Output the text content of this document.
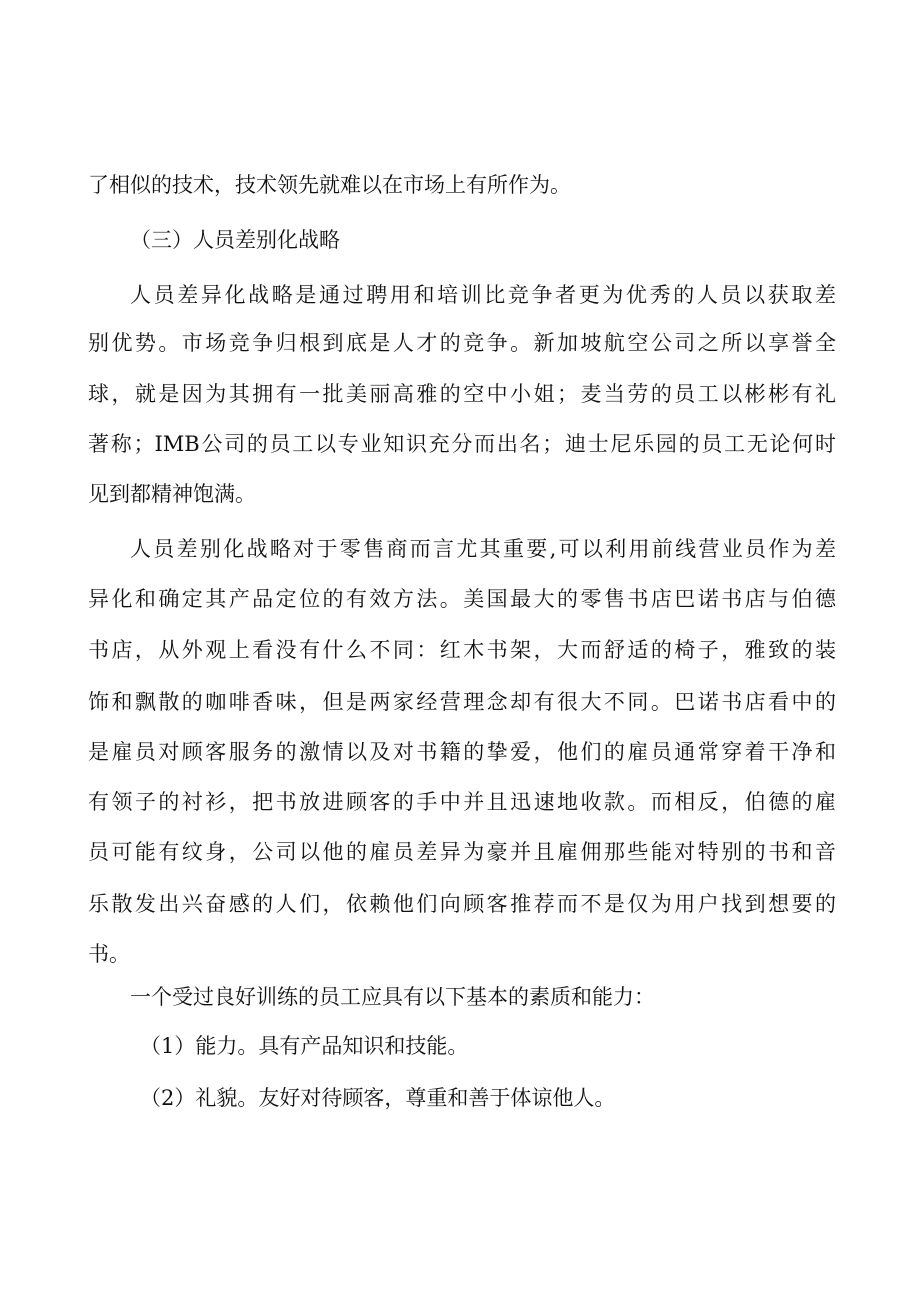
了相似的技术，技术领先就难以在市场上有所作为。

（三）人员差别化战略

人员差异化战略是通过聘用和培训比竞争者更为优秀的人员以获取差

别优势。市场竞争归根到底是人才的竞争。新加坡航空公司之所以享誉全

球，就是因为其拥有一批美丽高雅的空中小姐；麦当劳的员工以彬彬有礼

著称；IMB公司的员工以专业知识充分而出名；迪士尼乐园的员工无论何时

见到都精神饱满。

人员差别化战略对于零售商而言尤其重要,可以利用前线营业员作为差

异化和确定其产品定位的有效方法。美国最大的零售书店巴诺书店与伯德

书店，从外观上看没有什么不同：红木书架，大而舒适的椅子，雅致的装

饰和飘散的咖啡香味，但是两家经营理念却有很大不同。巴诺书店看中的

是雇员对顾客服务的激情以及对书籍的挚爱，他们的雇员通常穿着干净和

有领子的衬衫，把书放进顾客的手中并且迅速地收款。而相反，伯德的雇

员可能有纹身，公司以他的雇员差异为豪并且雇佣那些能对特别的书和音

乐散发出兴奋感的人们，依赖他们向顾客推荐而不是仅为用户找到想要的

书。

一个受过良好训练的员工应具有以下基本的素质和能力：

（1）能力。具有产品知识和技能。

（2）礼貌。友好对待顾客，尊重和善于体谅他人。
